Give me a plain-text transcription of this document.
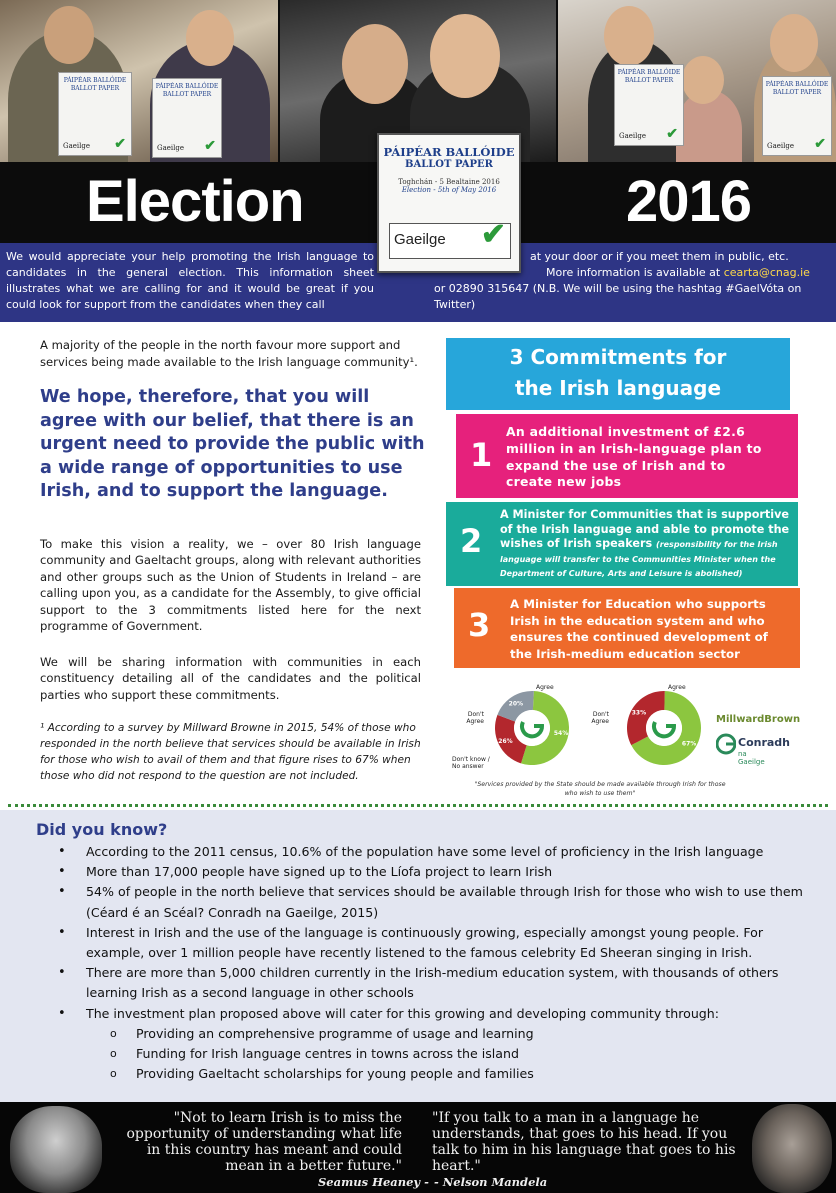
PÁIPÉAR BALLÓIDE
BALLOT PAPER
Gaeilge ✔
PÁIPÉAR BALLÓIDE
BALLOT PAPER
Gaeilge ✔
PÁIPÉAR BALLÓIDE
BALLOT PAPER
Gaeilge ✔
PÁIPÉAR BALLÓIDE
BALLOT PAPER
Gaeilge ✔
Election	2016
We would appreciate your help promoting the Irish language to candidates in the general election. This information sheet illustrates what we are calling for and it would be great if you could look for support from the candidates when they call
at your door or if you meet them in public, etc.
More information is available at cearta@cnag.ie
or 02890 315647 (N.B. We will be using the hashtag #GaelVóta on Twitter)
PÁIPÉAR BALLÓIDE
BALLOT PAPER
Toghchán - 5 Bealtaine 2016
Election - 5th of May 2016
Gaeilge ✔
A majority of the people in the north favour more support and services being made available to the Irish language community¹.
We hope, therefore, that you will agree with our belief, that there is an urgent need to provide the public with a wide range of opportunities to use Irish, and to support the language.
To make this vision a reality, we – over 80 Irish language community and Gaeltacht groups, along with relevant authorities and other groups such as the Union of Students in Ireland – are calling upon you, as a candidate for the Assembly, to give official support to the 3 commitments listed here for the next programme of Government.
We will be sharing information with communities in each constituency detailing all of the candidates and the political parties who support these commitments.
¹ According to a survey by Millward Browne in 2015, 54% of those who responded in the north believe that services should be available in Irish for those who wish to avail of them and that figure rises to 67% when those who did not respond to the question are not included.
3 Commitments for
the Irish language
1
An additional investment of £2.6 million in an Irish-language plan to expand the use of Irish and to create new jobs
2
A Minister for Communities that is supportive of the Irish language and able to promote the wishes of Irish speakers (responsibility for the Irish language will transfer to the Communities Minister when the Department of Culture, Arts and Leisure is abolished)
3
A Minister for Education who supports Irish in the education system and who ensures the continued development of the Irish-medium education sector
54%
26%
20%
67%
33%
Agree
Don't
Agree
Don't know /
No answer
Agree
Don't
Agree
"Services provided by the State should be made available through Irish for those who wish to use them"
MillwardBrown
Conradh
na Gaeilge
Did you know?
• According to the 2011 census, 10.6% of the population have some level of proficiency in the Irish language
• More than 17,000 people have signed up to the Líofa project to learn Irish
• 54% of people in the north believe that services should be available through Irish for those who wish to use them (Céard é an Scéal? Conradh na Gaeilge, 2015)
• Interest in Irish and the use of the language is continuously growing, especially amongst young people. For example, over 1 million people have recently listened to the famous celebrity Ed Sheeran singing in Irish.
• There are more than 5,000 children currently in the Irish-medium education system, with thousands of others learning Irish as a second language in other schools
• The investment plan proposed above will cater for this growing and developing community through:
o Providing an comprehensive programme of usage and learning
o Funding for Irish language centres in towns across the island
o Providing Gaeltacht scholarships for young people and families
"Not to learn Irish is to miss the opportunity of understanding what life in this country has meant and could mean in a better future."
Seamus Heaney -
"If you talk to a man in a language he understands, that goes to his head. If you talk to him in his language that goes to his heart."
- Nelson Mandela
